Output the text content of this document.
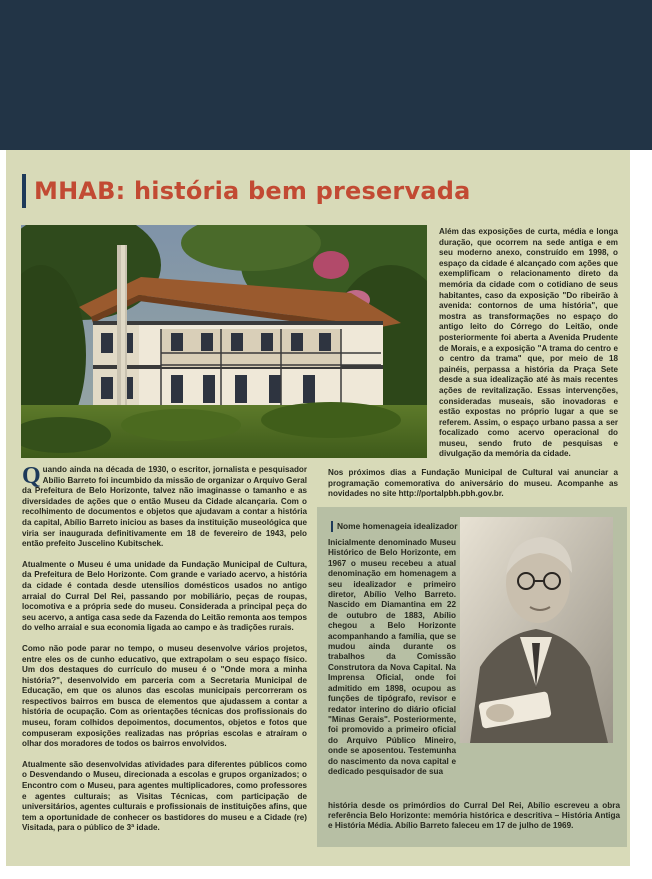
MHAB: história bem preservada
Além das exposições de curta, média e longa duração, que ocorrem na sede antiga e em seu moderno anexo, construído em 1998, o espaço da cidade é alcançado com ações que exemplificam o relacionamento direto da memória da cidade com o cotidiano de seus habitantes, caso da exposição "Do ribeirão à avenida: contornos de uma história", que mostra as transformações no espaço do antigo leito do Córrego do Leitão, onde posteriormente foi aberta a Avenida Prudente de Morais, e a exposição "A trama do centro e o centro da trama" que, por meio de 18 painéis, perpassa a história da Praça Sete desde a sua idealização até às mais recentes ações de revitalização. Essas intervenções, consideradas museais, são inovadoras e estão expostas no próprio lugar a que se referem. Assim, o espaço urbano passa a ser focalizado como acervo operacional do museu, sendo fruto de pesquisas e divulgação da memória da cidade.

Quando ainda na década de 1930, o escritor, jornalista e pesquisador Abílio Barreto foi incumbido da missão de organizar o Arquivo Geral da Prefeitura de Belo Horizonte, talvez não imaginasse o tamanho e as diversidades de ações que o então Museu da Cidade alcançaria. Com o recolhimento de documentos e objetos que ajudavam a contar a história da capital, Abílio Barreto iniciou as bases da instituição museológica que viria ser inaugurada definitivamente em 18 de fevereiro de 1943, pelo então prefeito Juscelino Kubitschek.

Atualmente o Museu é uma unidade da Fundação Municipal de Cultura, da Prefeitura de Belo Horizonte. Com grande e variado acervo, a história da cidade é contada desde utensílios domésticos usados no antigo arraial do Curral Del Rei, passando por mobiliário, peças de roupas, locomotiva e a própria sede do museu. Considerada a principal peça do seu acervo, a antiga casa sede da Fazenda do Leitão remonta aos tempos do velho arraial e sua economia ligada ao campo e às tradições rurais.

Como não pode parar no tempo, o museu desenvolve vários projetos, entre eles os de cunho educativo, que extrapolam o seu espaço físico. Um dos destaques do currículo do museu é o "Onde mora a minha história?", desenvolvido em parceria com a Secretaria Municipal de Educação, em que os alunos das escolas municipais percorreram os respectivos bairros em busca de elementos que ajudassem a contar a história de ocupação. Com as orientações técnicas dos profissionais do museu, foram colhidos depoimentos, documentos, objetos e fotos que compuseram exposições realizadas nas próprias escolas e atraíram o olhar dos moradores de todos os bairros envolvidos.

Atualmente são desenvolvidas atividades para diferentes públicos como o Desvendando o Museu, direcionada a escolas e grupos organizados; o Encontro com o Museu, para agentes multiplicadores, como professores e agentes culturais; as Visitas Técnicas, com participação de universitários, agentes culturais e profissionais de instituições afins, que tem a oportunidade de conhecer os bastidores do museu e a Cidade (re) Visitada, para o público de 3ª idade.

Nos próximos dias a Fundação Municipal de Cultural vai anunciar a programação comemorativa do aniversário do museu. Acompanhe as novidades no site http://portalpbh.pbh.gov.br.
Nome homenageia idealizador
Inicialmente denominado Museu Histórico de Belo Horizonte, em 1967 o museu recebeu a atual denominação em homenagem a seu idealizador e primeiro diretor, Abílio Velho Barreto. Nascido em Diamantina em 22 de outubro de 1883, Abílio chegou a Belo Horizonte acompanhando a família, que se mudou ainda durante os trabalhos da Comissão Construtora da Nova Capital. Na Imprensa Oficial, onde foi admitido em 1898, ocupou as funções de tipógrafo, revisor e redator interino do diário oficial "Minas Gerais". Posteriormente, foi promovido a primeiro oficial do Arquivo Público Mineiro, onde se aposentou. Testemunha do nascimento da nova capital e dedicado pesquisador de sua
história desde os primórdios do Curral Del Rei, Abílio escreveu a obra referência Belo Horizonte: memória histórica e descritiva – História Antiga e História Média. Abílio Barreto faleceu em 17 de julho de 1969.
